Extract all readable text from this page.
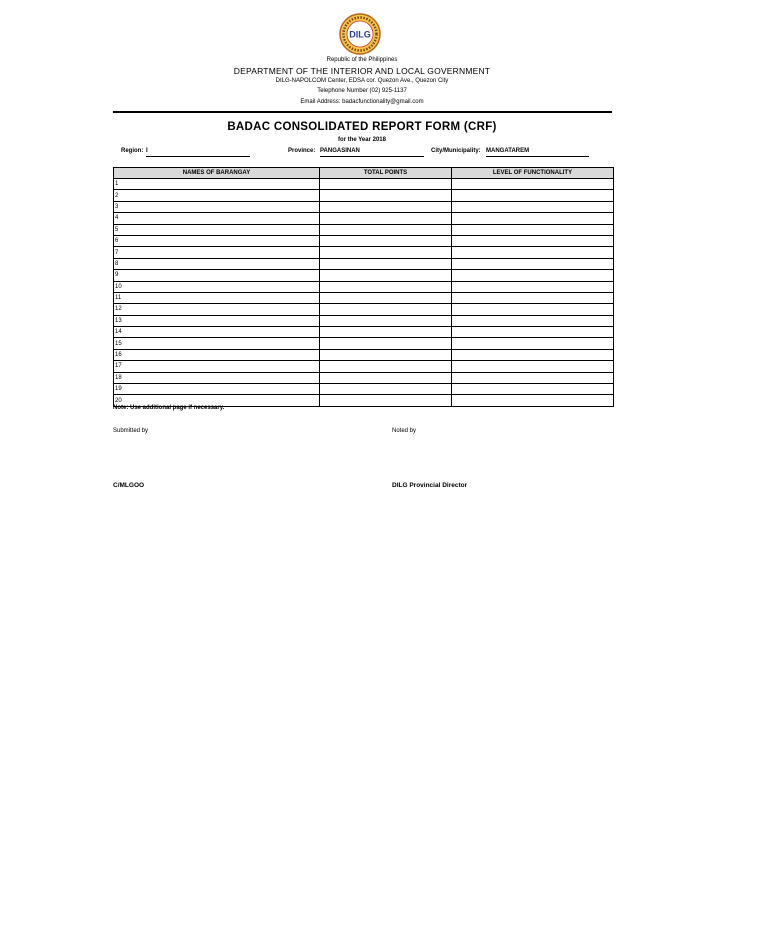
DILG
Republic of the Philippines
DEPARTMENT OF THE INTERIOR AND LOCAL GOVERNMENT
DILG-NAPOLCOM Center, EDSA cor. Quezon Ave., Quezon City
Telephone Number (02) 925-1137
Email Address: badacfunctionality@gmail.com
BADAC CONSOLIDATED REPORT FORM (CRF)
for the Year 2018
Region: I	Province: PANGASINAN	City/Municipality: MANGATAREM
NAMES OF BARANGAY	TOTAL POINTS	LEVEL OF FUNCTIONALITY
1		
2		
3		
4		
5		
6		
7		
8		
9		
10		
11		
12		
13		
14		
15		
16		
17		
18		
19		
20		
Note: Use additional page if necessary.
Submitted by	Noted by
C/MLGOO	DILG Provincial Director
